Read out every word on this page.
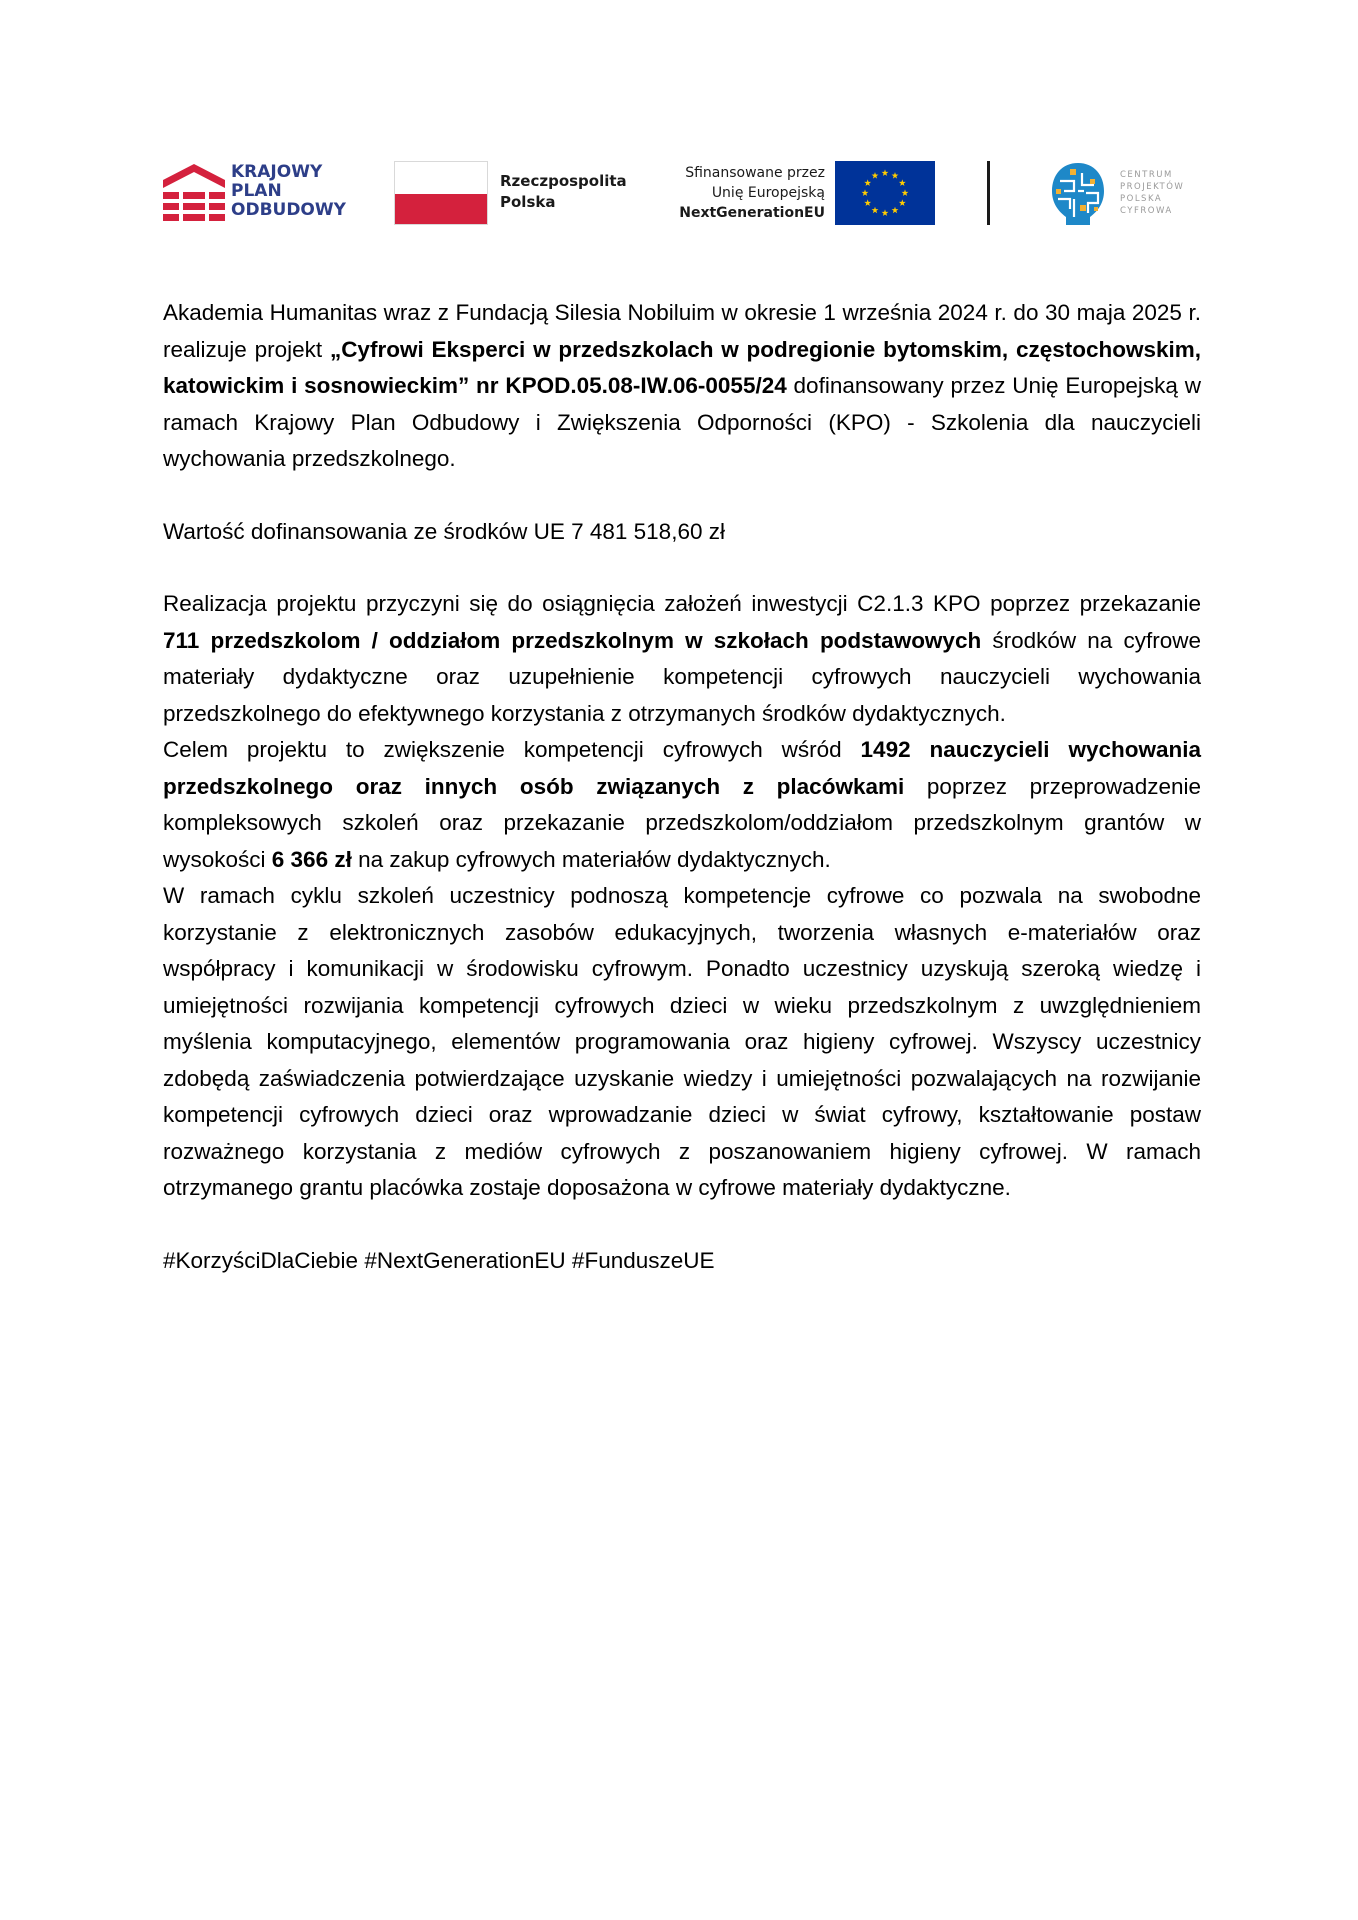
KRAJOWY
PLAN
ODBUDOWY
Rzeczpospolita
Polska
Sfinansowane przez
Unię Europejską
NextGenerationEU
CENTRUM
PROJEKTÓW
POLSKA
CYFROWA

Akademia Humanitas wraz z Fundacją Silesia Nobiluim w okresie 1 września 2024 r. do 30 maja 2025 r. realizuje projekt „Cyfrowi Eksperci w przedszkolach w podregionie bytomskim, częstochowskim, katowickim i sosnowieckim” nr KPOD.05.08-IW.06-0055/24 dofinansowany przez Unię Europejską w ramach Krajowy Plan Odbudowy i Zwiększenia Odporności (KPO) - Szkolenia dla nauczycieli wychowania przedszkolnego.

Wartość dofinansowania ze środków UE 7 481 518,60 zł

Realizacja projektu przyczyni się do osiągnięcia założeń inwestycji C2.1.3 KPO poprzez przekazanie 711 przedszkolom / oddziałom przedszkolnym w szkołach podstawowych środków na cyfrowe materiały dydaktyczne oraz uzupełnienie kompetencji cyfrowych nauczycieli wychowania przedszkolnego do efektywnego korzystania z otrzymanych środków dydaktycznych.

Celem projektu to zwiększenie kompetencji cyfrowych wśród 1492 nauczycieli wychowania przedszkolnego oraz innych osób związanych z placówkami poprzez przeprowadzenie kompleksowych szkoleń oraz przekazanie przedszkolom/oddziałom przedszkolnym grantów w wysokości 6 366 zł na zakup cyfrowych materiałów dydaktycznych.

W ramach cyklu szkoleń uczestnicy podnoszą kompetencje cyfrowe co pozwala na swobodne korzystanie z elektronicznych zasobów edukacyjnych, tworzenia własnych e-materiałów oraz współpracy i komunikacji w środowisku cyfrowym. Ponadto uczestnicy uzyskują szeroką wiedzę i umiejętności rozwijania kompetencji cyfrowych dzieci w wieku przedszkolnym z uwzględnieniem myślenia komputacyjnego, elementów programowania oraz higieny cyfrowej. Wszyscy uczestnicy zdobędą zaświadczenia potwierdzające uzyskanie wiedzy i umiejętności pozwalających na rozwijanie kompetencji cyfrowych dzieci oraz wprowadzanie dzieci w świat cyfrowy, kształtowanie postaw rozważnego korzystania z mediów cyfrowych z poszanowaniem higieny cyfrowej. W ramach otrzymanego grantu placówka zostaje doposażona w cyfrowe materiały dydaktyczne.

#KorzyściDlaCiebie #NextGenerationEU #FunduszeUE
